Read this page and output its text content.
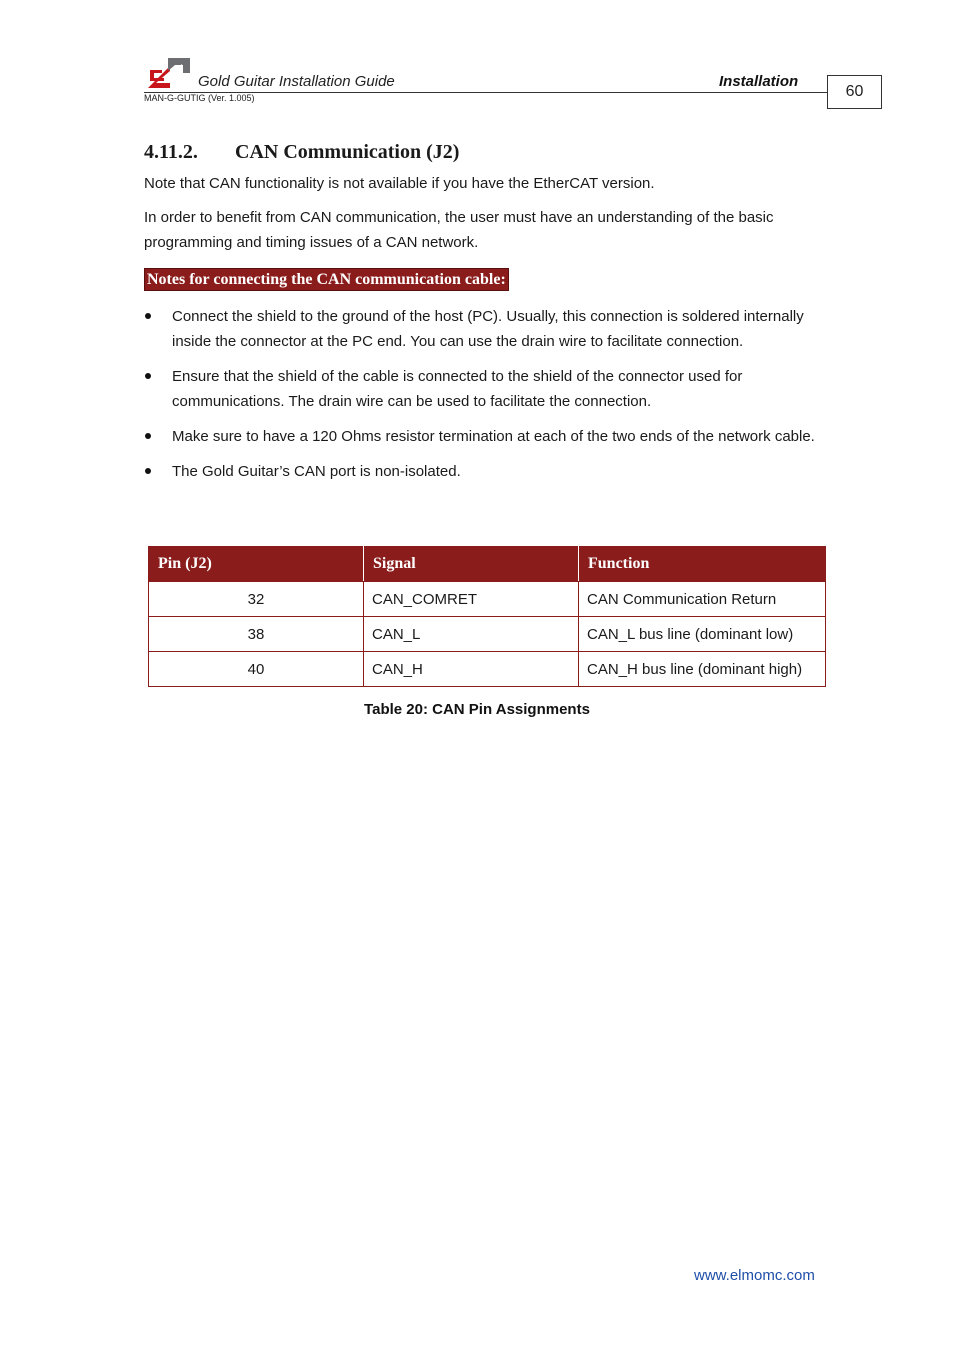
Gold Guitar Installation Guide	Installation
MAN-G-GUTIG (Ver. 1.005)	60
4.11.2. CAN Communication (J2)
Note that CAN functionality is not available if you have the EtherCAT version.
In order to benefit from CAN communication, the user must have an understanding of the basic programming and timing issues of a CAN network.
Notes for connecting the CAN communication cable:
Connect the shield to the ground of the host (PC). Usually, this connection is soldered internally inside the connector at the PC end. You can use the drain wire to facilitate connection.
Ensure that the shield of the cable is connected to the shield of the connector used for communications. The drain wire can be used to facilitate the connection.
Make sure to have a 120 Ohms resistor termination at each of the two ends of the network cable.
The Gold Guitar’s CAN port is non-isolated.
Pin (J2)	Signal	Function
32	CAN_COMRET	CAN Communication Return
38	CAN_L	CAN_L bus line (dominant low)
40	CAN_H	CAN_H bus line (dominant high)
Table 20: CAN Pin Assignments
www.elmomc.com
